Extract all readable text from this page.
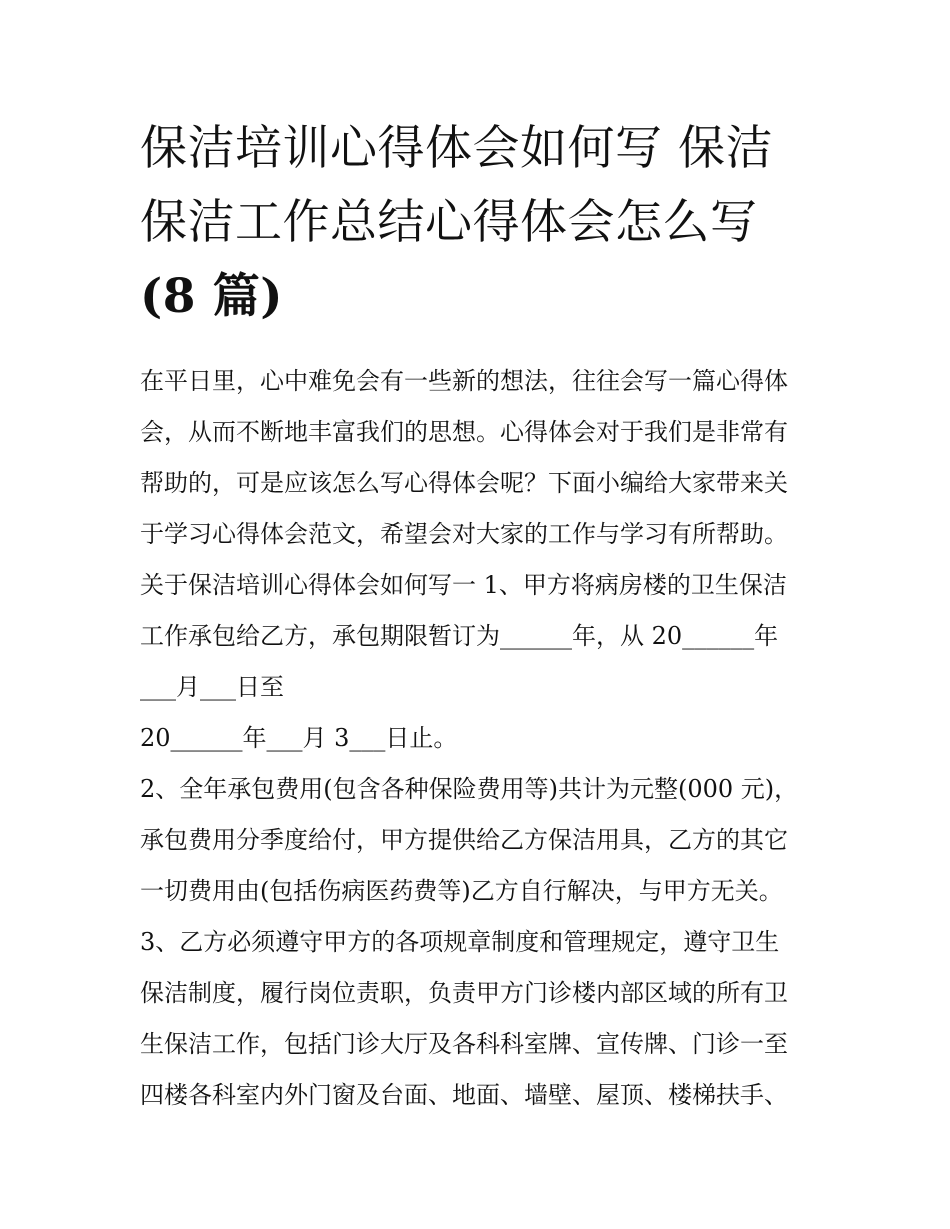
保洁培训心得体会如何写 保洁
保洁工作总结心得体会怎么写
(8 篇)
在平日里，心中难免会有一些新的想法，往往会写一篇心得体
会，从而不断地丰富我们的思想。心得体会对于我们是非常有
帮助的，可是应该怎么写心得体会呢？下面小编给大家带来关
于学习心得体会范文，希望会对大家的工作与学习有所帮助。
关于保洁培训心得体会如何写一 1、甲方将病房楼的卫生保洁
工作承包给乙方，承包期限暂订为______年，从 20______年
___月___日至
20______年___月 3___日止。
2、全年承包费用(包含各种保险费用等)共计为元整(000 元)，
承包费用分季度给付，甲方提供给乙方保洁用具，乙方的其它
一切费用由(包括伤病医药费等)乙方自行解决，与甲方无关。
3、乙方必须遵守甲方的各项规章制度和管理规定，遵守卫生
保洁制度，履行岗位责职，负责甲方门诊楼内部区域的所有卫
生保洁工作，包括门诊大厅及各科科室牌、宣传牌、门诊一至
四楼各科室内外门窗及台面、地面、墙壁、屋顶、楼梯扶手、
